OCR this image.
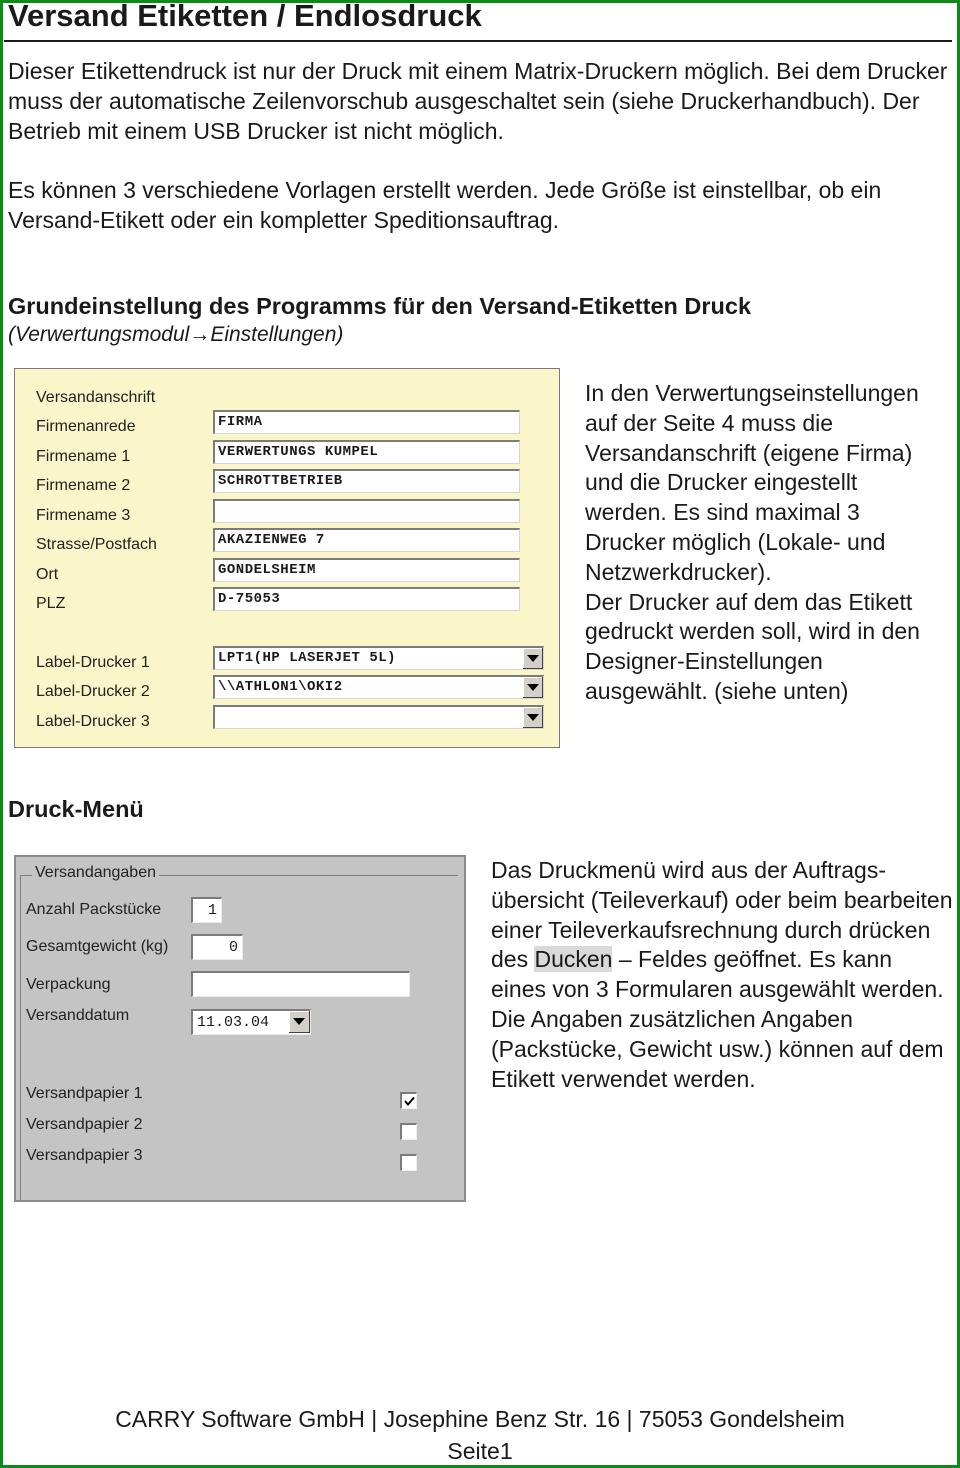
Versand Etiketten / Endlosdruck
Dieser Etikettendruck ist nur der Druck mit einem Matrix-Druckern möglich. Bei dem Drucker muss der automatische Zeilenvorschub ausgeschaltet sein (siehe Druckerhandbuch). Der Betrieb mit einem USB Drucker ist nicht möglich.
Es können 3 verschiedene Vorlagen erstellt werden. Jede Größe ist einstellbar, ob ein Versand-Etikett oder ein kompletter Speditionsauftrag.
Grundeinstellung des Programms für den Versand-Etiketten Druck
(Verwertungsmodul→Einstellungen)
Versandanschrift
Firmenanrede	FIRMA
Firmename 1	VERWERTUNGS KUMPEL
Firmename 2	SCHROTTBETRIEB
Firmename 3
Strasse/Postfach	AKAZIENWEG 7
Ort	GONDELSHEIM
PLZ	D-75053
Label-Drucker 1	LPT1(HP LASERJET 5L)
Label-Drucker 2	\\ATHLON1\OKI2
Label-Drucker 3
In den Verwertungseinstellungen
auf der Seite 4 muss die
Versandanschrift (eigene Firma)
und die Drucker eingestellt
werden. Es sind maximal 3
Drucker möglich (Lokale- und
Netzwerkdrucker).
Der Drucker auf dem das Etikett
gedruckt werden soll, wird in den
Designer-Einstellungen
ausgewählt. (siehe unten)
Druck-Menü
Versandangaben
Anzahl Packstücke	1
Gesamtgewicht (kg)	0
Verpackung
Versanddatum	11.03.04
Versandpapier 1
Versandpapier 2
Versandpapier 3
Das Druckmenü wird aus der Auftrags-übersicht (Teileverkauf) oder beim bearbeiten einer Teileverkaufsrechnung durch drücken des Ducken – Feldes geöffnet. Es kann eines von 3 Formularen ausgewählt werden.
Die Angaben zusätzlichen Angaben (Packstücke, Gewicht usw.) können auf dem Etikett verwendet werden.
CARRY Software GmbH | Josephine Benz Str. 16 | 75053 Gondelsheim
Seite1
